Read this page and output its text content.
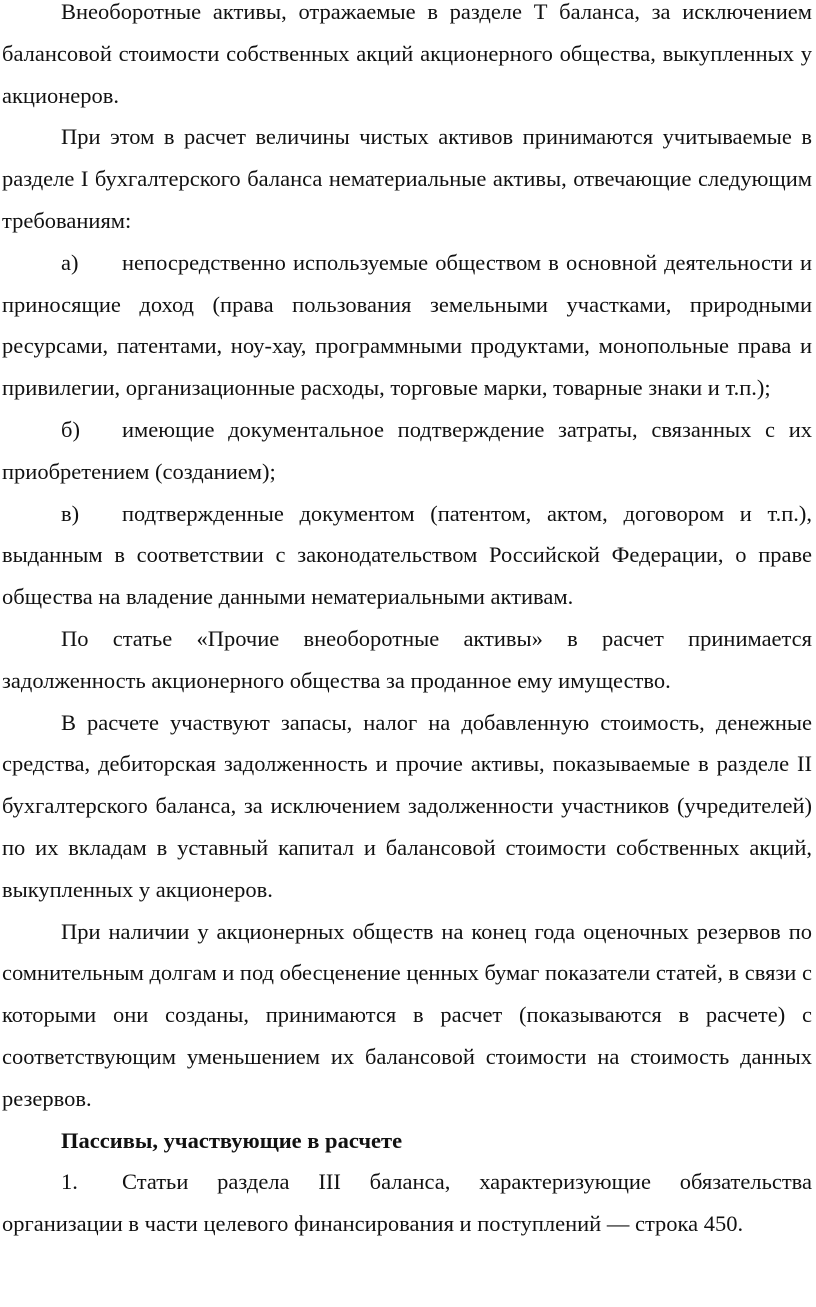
Внеоборотные активы, отражаемые в разделе Т баланса, за исключением балансовой стоимости собственных акций акционерного общества, выкупленных у акционеров.

При этом в расчет величины чистых активов принимаются учитываемые в разделе I бухгалтерского баланса нематериальные активы, отвечающие следующим требованиям:

а) непосредственно используемые обществом в основной деятельности и приносящие доход (права пользования земельными участками, природными ресурсами, патентами, ноу-хау, программными продуктами, монопольные права и привилегии, организационные расходы, торговые марки, товарные знаки и т.п.);

б) имеющие документальное подтверждение затраты, связанных с их приобретением (созданием);

в) подтвержденные документом (патентом, актом, договором и т.п.), выданным в соответствии с законодательством Российской Федерации, о праве общества на владение данными нематериальными активам.

По статье «Прочие внеоборотные активы» в расчет принимается задолженность акционерного общества за проданное ему имущество.

В расчете участвуют запасы, налог на добавленную стоимость, денежные средства, дебиторская задолженность и прочие активы, показываемые в разделе II бухгалтерского баланса, за исключением задолженности участников (учредителей) по их вкладам в уставный капитал и балансовой стоимости собственных акций, выкупленных у акционеров.

При наличии у акционерных обществ на конец года оценочных резервов по сомнительным долгам и под обесценение ценных бумаг показатели статей, в связи с которыми они созданы, принимаются в расчет (показываются в расчете) с соответствующим уменьшением их балансовой стоимости на стоимость данных резервов.

Пассивы, участвующие в расчете

1. Статьи раздела III баланса, характеризующие обязательства организации в части целевого финансирования и поступлений — строка 450.
